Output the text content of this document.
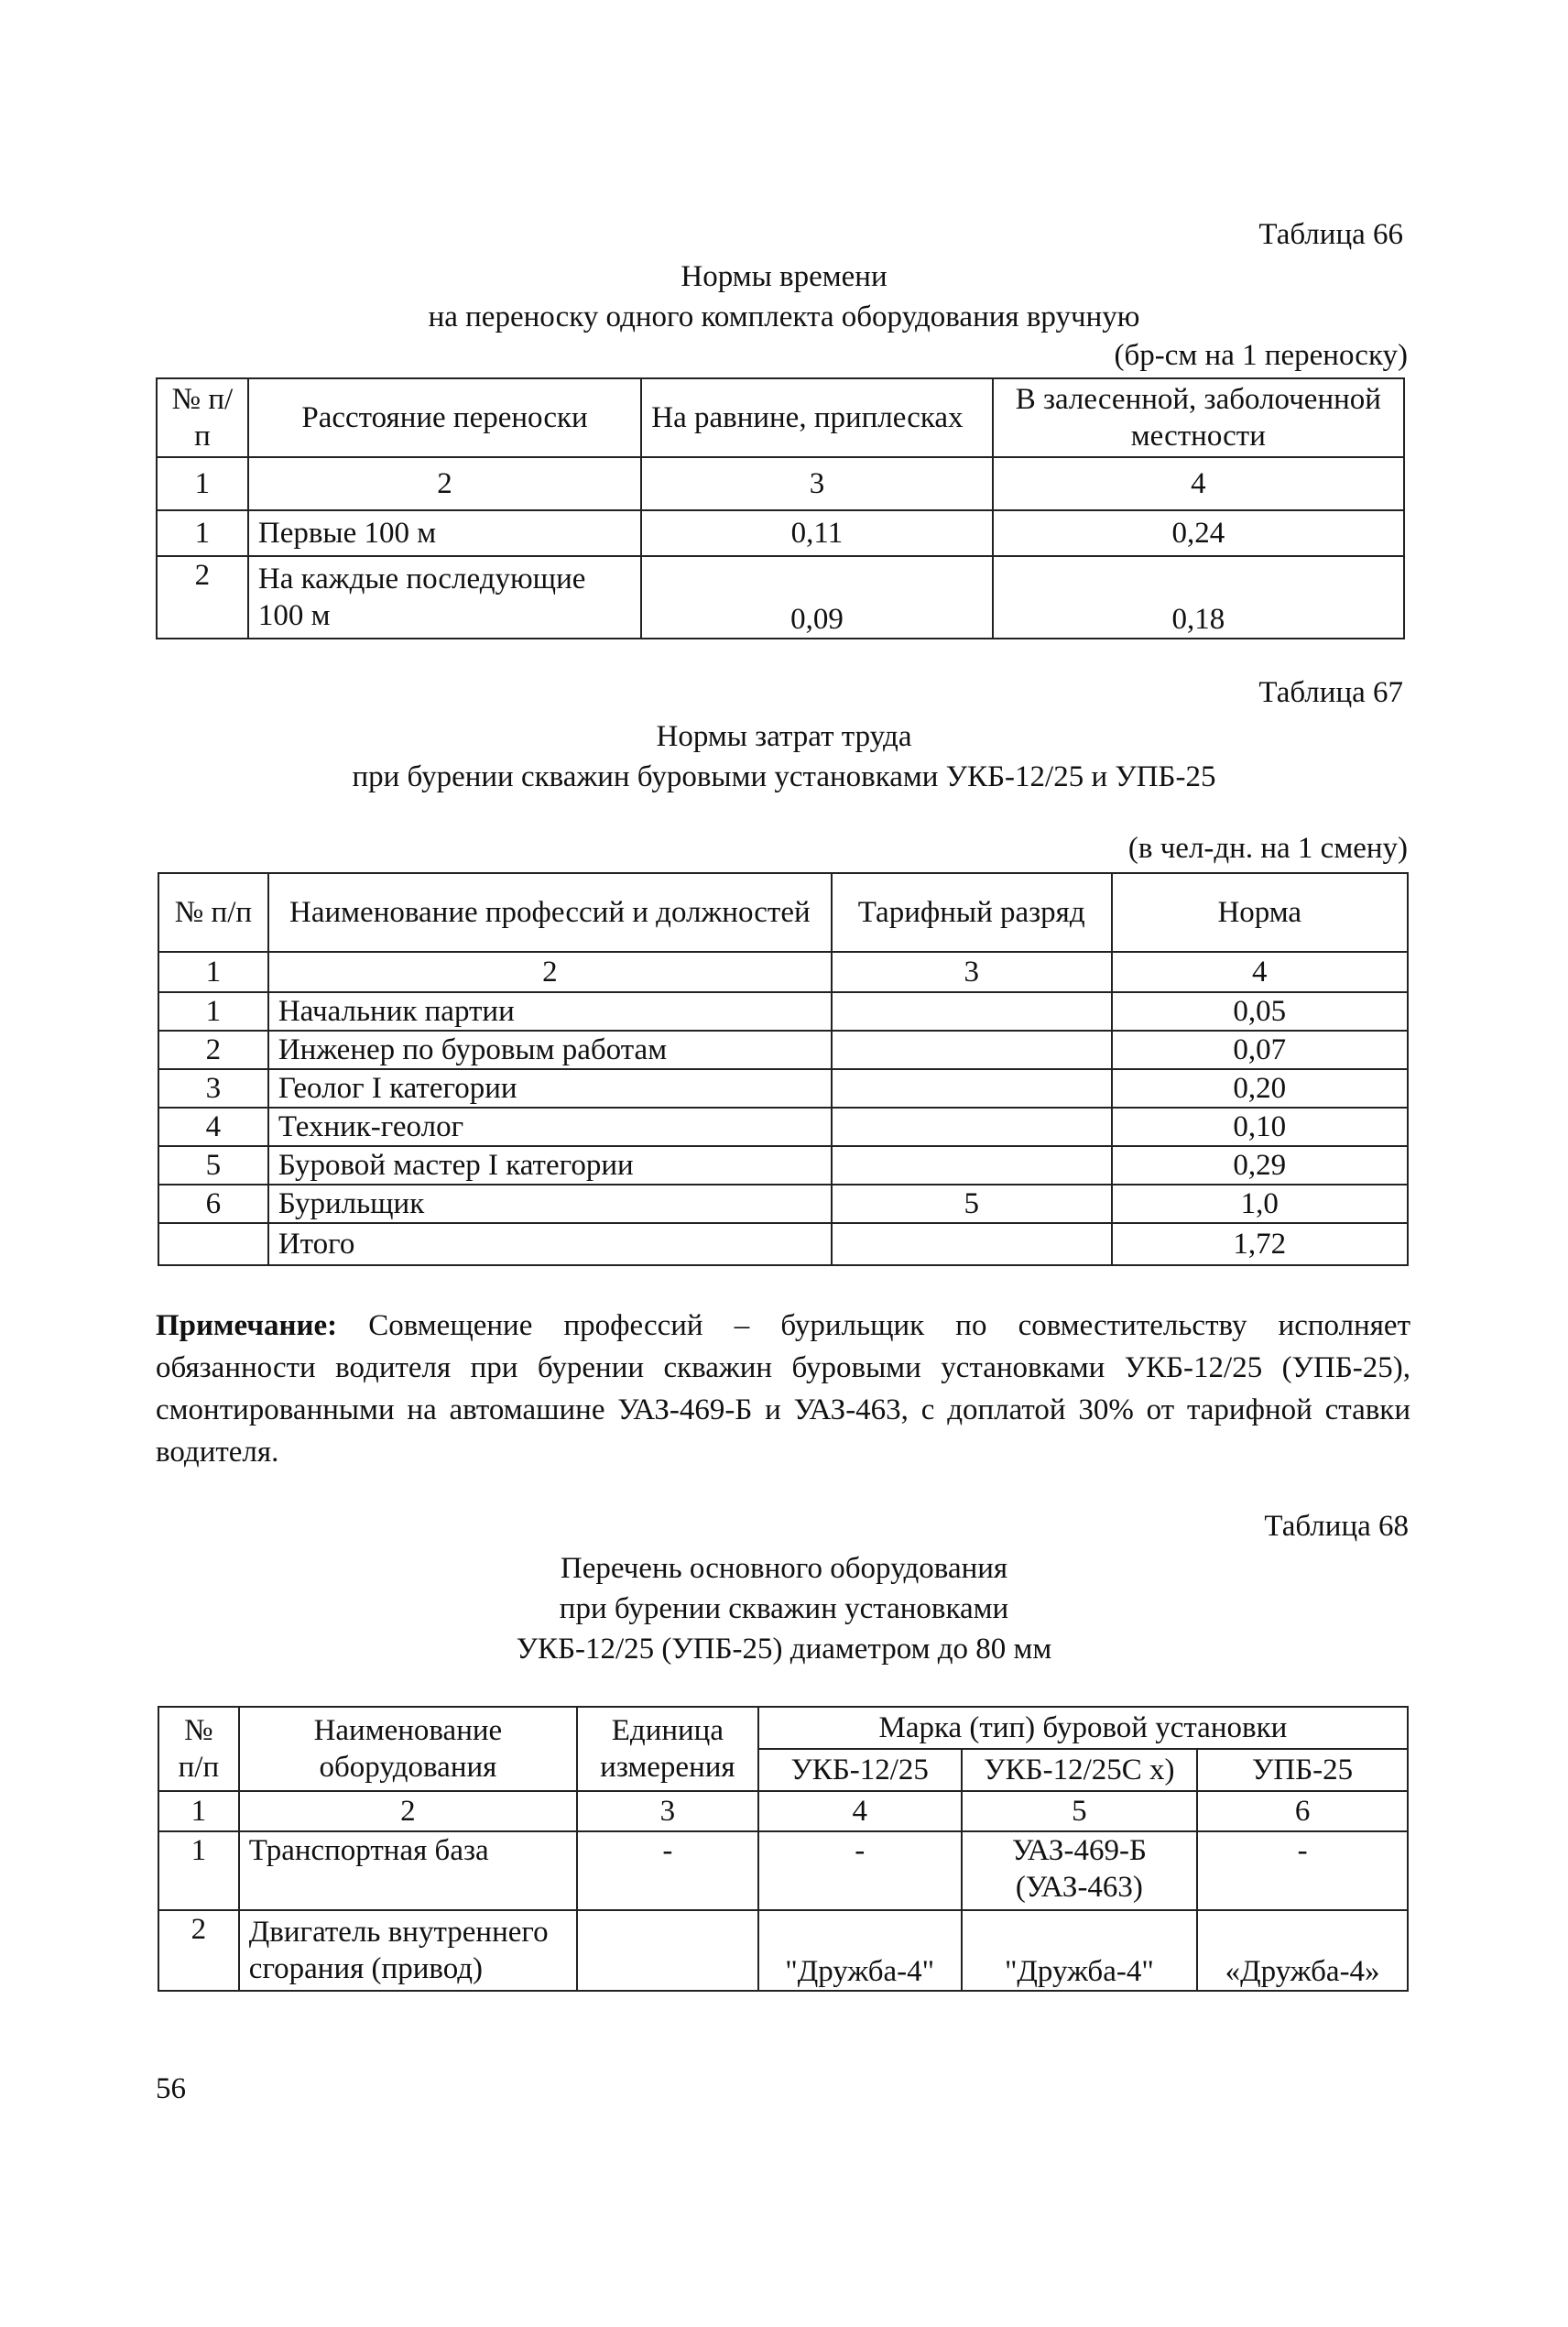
Таблица 66
Нормы времени
на переноску одного комплекта оборудования вручную
(бр-см на 1 переноску)
№ п/п	Расстояние переноски	На равнине, приплесках	В залесенной, заболоченной местности
1	2	3	4
1	Первые 100 м	0,11	0,24
2	На каждые последующие 100 м	0,09	0,18
Таблица 67
Нормы затрат труда
при бурении скважин буровыми установками УКБ-12/25 и УПБ-25
(в чел-дн. на 1 смену)
№ п/п	Наименование профессий и должностей	Тарифный разряд	Норма
1	2	3	4
1	Начальник партии		0,05
2	Инженер по буровым работам		0,07
3	Геолог I категории		0,20
4	Техник-геолог		0,10
5	Буровой мастер I категории		0,29
6	Бурильщик	5	1,0
	Итого		1,72
Примечание: Совмещение профессий – бурильщик по совместительству исполняет обязанности водителя при бурении скважин буровыми установками УКБ-12/25 (УПБ-25), смонтированными на автомашине УАЗ-469-Б и УАЗ-463, с доплатой 30% от тарифной ставки водителя.
Таблица 68
Перечень основного оборудования
при бурении скважин установками
УКБ-12/25 (УПБ-25) диаметром до 80 мм
№ п/п	Наименование оборудования	Единица измерения	Марка (тип) буровой установки		
			УКБ-12/25	УКБ-12/25С х)	УПБ-25
1	2	3	4	5	6
1	Транспортная база	-	-	УАЗ-469-Б (УАЗ-463)	-
2	Двигатель внутреннего сгорания (привод)		"Дружба-4"	"Дружба-4"	«Дружба-4»
56
